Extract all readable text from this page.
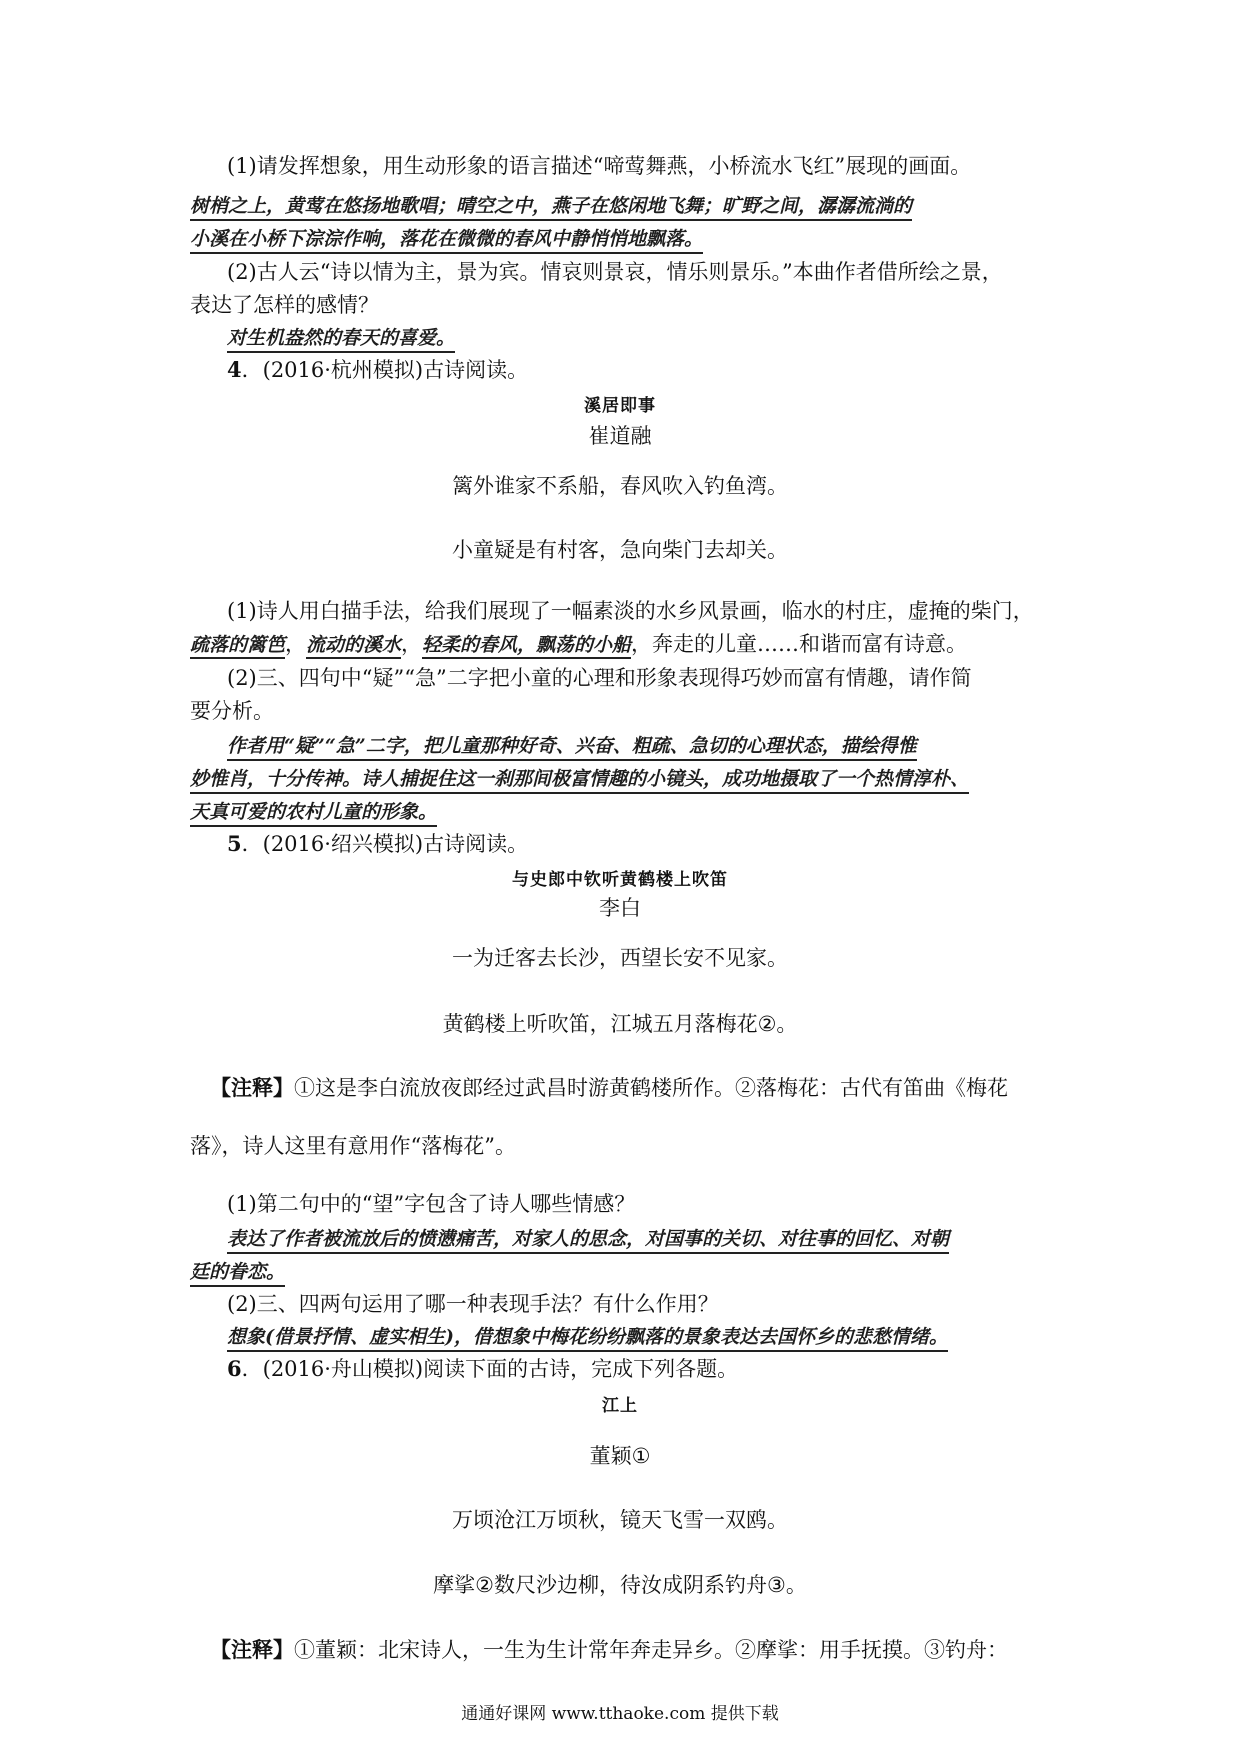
(1)请发挥想象，用生动形象的语言描述“啼莺舞燕，小桥流水飞红”展现的画面。
树梢之上，黄莺在悠扬地歌唱；晴空之中，燕子在悠闲地飞舞；旷野之间，潺潺流淌的
小溪在小桥下淙淙作响，落花在微微的春风中静悄悄地飘落。
(2)古人云“诗以情为主，景为宾。情哀则景哀，情乐则景乐。”本曲作者借所绘之景，
表达了怎样的感情？
对生机盎然的春天的喜爱。
4．(2016·杭州模拟)古诗阅读。
溪居即事
崔道融
篱外谁家不系船，春风吹入钓鱼湾。
小童疑是有村客，急向柴门去却关。
(1)诗人用白描手法，给我们展现了一幅素淡的水乡风景画，临水的村庄，虚掩的柴门，
疏落的篱笆，流动的溪水，轻柔的春风，飘荡的小船，奔走的儿童……和谐而富有诗意。
(2)三、四句中“疑”“急”二字把小童的心理和形象表现得巧妙而富有情趣，请作简
要分析。
作者用“疑”“急”二字，把儿童那种好奇、兴奋、粗疏、急切的心理状态，描绘得惟
妙惟肖，十分传神。诗人捕捉住这一刹那间极富情趣的小镜头，成功地摄取了一个热情淳朴、
天真可爱的农村儿童的形象。
5．(2016·绍兴模拟)古诗阅读。
与史郎中钦听黄鹤楼上吹笛
李白
一为迁客去长沙，西望长安不见家。
黄鹤楼上听吹笛，江城五月落梅花②。
【注释】①这是李白流放夜郎经过武昌时游黄鹤楼所作。②落梅花：古代有笛曲《梅花
落》，诗人这里有意用作“落梅花”。
(1)第二句中的“望”字包含了诗人哪些情感？
表达了作者被流放后的愤懑痛苦，对家人的思念，对国事的关切、对往事的回忆、对朝
廷的眷恋。
(2)三、四两句运用了哪一种表现手法？有什么作用？
想象(借景抒情、虚实相生)，借想象中梅花纷纷飘落的景象表达去国怀乡的悲愁情绪。
6．(2016·舟山模拟)阅读下面的古诗，完成下列各题。
江上
董颖①
万顷沧江万顷秋，镜天飞雪一双鸥。
摩挲②数尺沙边柳，待汝成阴系钓舟③。
【注释】①董颖：北宋诗人，一生为生计常年奔走异乡。②摩挲：用手抚摸。③钓舟：
通通好课网 www.tthaoke.com 提供下载
